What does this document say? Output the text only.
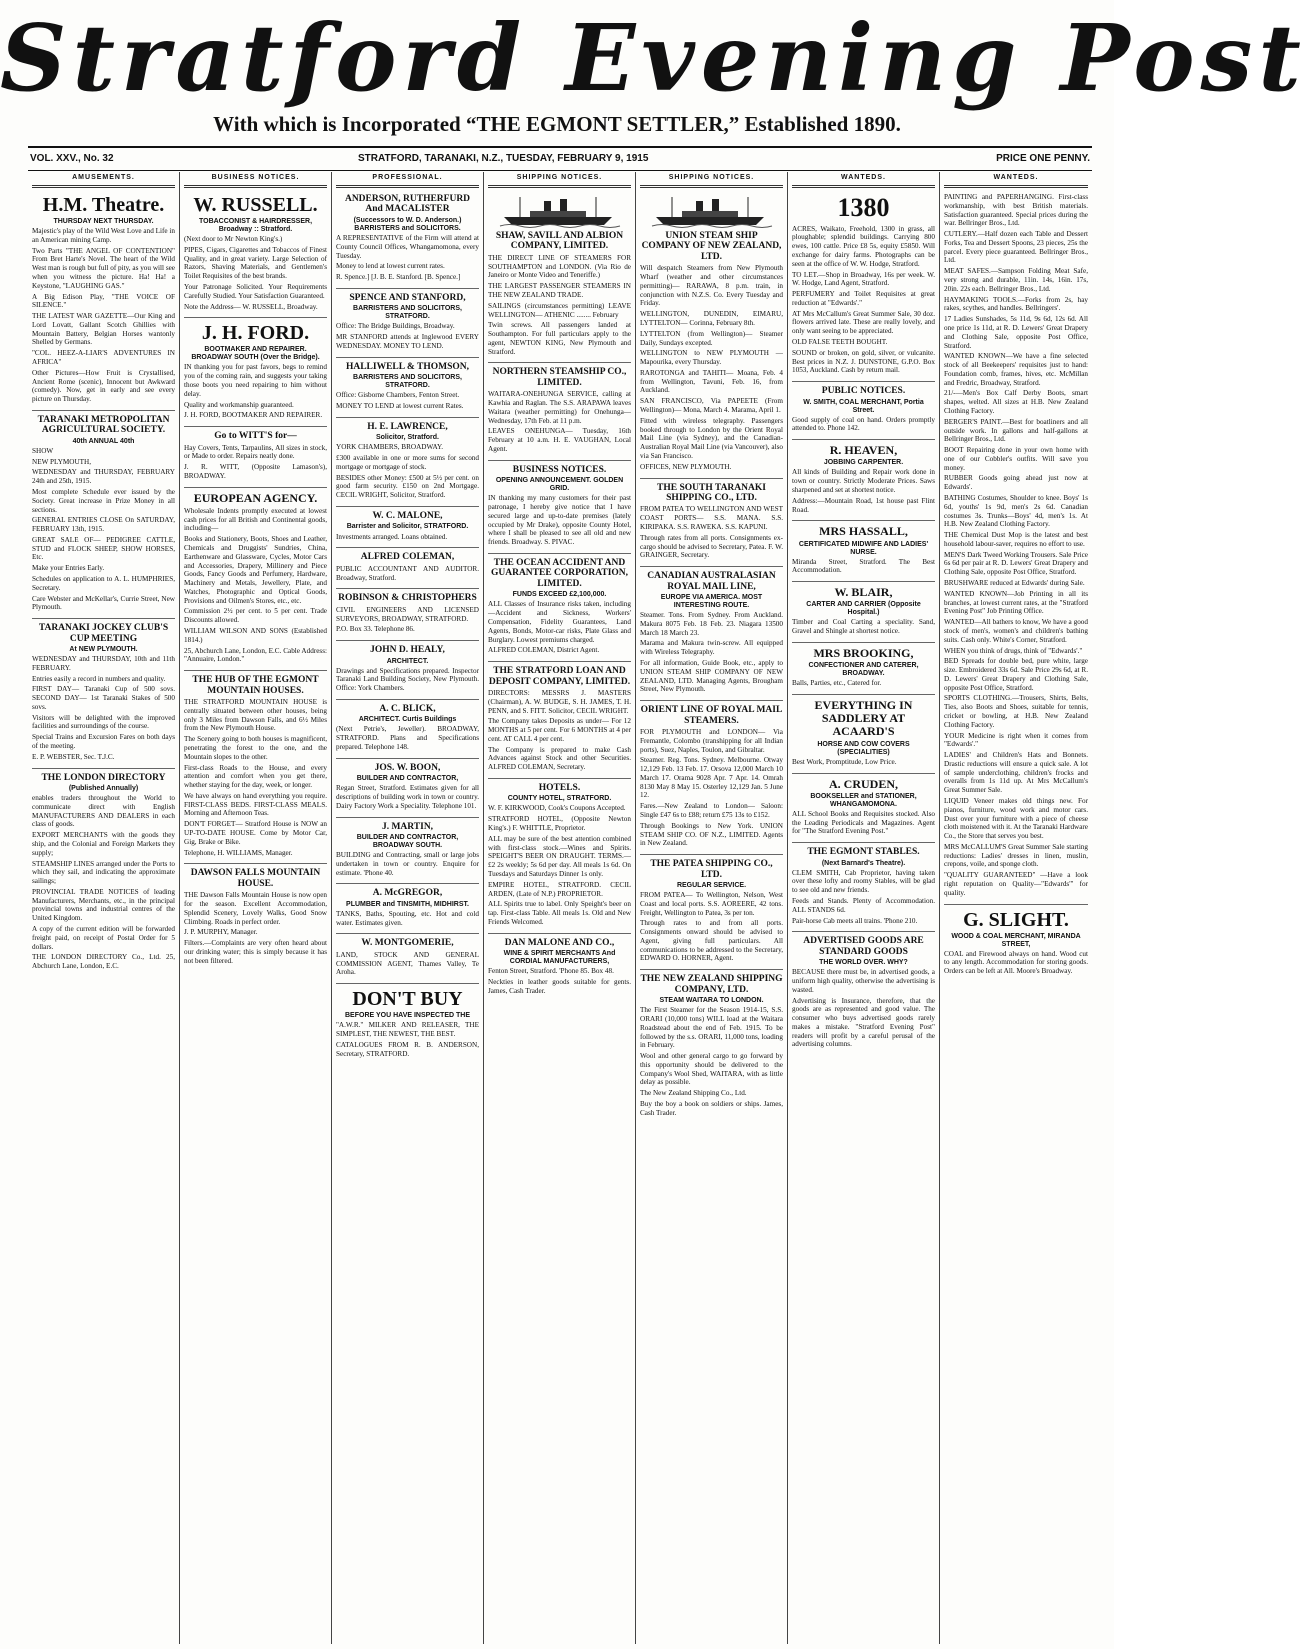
Stratford Evening Post
With which is Incorporated “THE EGMONT SETTLER,” Established 1890.
VOL. XXV., No. 32	STRATFORD, TARANAKI, N.Z., TUESDAY, FEBRUARY 9, 1915	PRICE ONE PENNY.
AMUSEMENTS.
H.M. Theatre.
THURSDAY NEXT THURSDAY.

Majestic's play of the Wild West Love and Life in an American mining Camp.

Two Parts "THE ANGEL OF CONTENTION" From Bret Harte's Novel. The heart of the Wild West man is rough but full of pity, as you will see when you witness the picture. Ha! Ha! a Keystone, "LAUGHING GAS."

A Big Edison Play, "THE VOICE OF SILENCE."

THE LATEST WAR GAZETTE—Our King and Lord Lovatt, Gallant Scotch Ghillies with Mountain Battery, Belgian Horses wantonly Shelled by Germans.

"COL. HEEZ-A-LIAR'S ADVENTURES IN AFRICA"

Other Pictures—How Fruit is Crystallised, Ancient Rome (scenic), Innocent but Awkward (comedy). Now, get in early and see every picture on Thursday.

TARANAKI METROPOLITAN AGRICULTURAL SOCIETY.
40th ANNUAL 40th

SHOW

NEW PLYMOUTH,

WEDNESDAY and THURSDAY, FEBRUARY 24th and 25th, 1915.

Most complete Schedule ever issued by the Society. Great increase in Prize Money in all sections.

GENERAL ENTRIES CLOSE On SATURDAY, FEBRUARY 13th, 1915.

GREAT SALE OF— PEDIGREE CATTLE, STUD and FLOCK SHEEP, SHOW HORSES, Etc.

Make your Entries Early.

Schedules on application to A. L. HUMPHRIES, Secretary.

Care Webster and McKellar's, Currie Street, New Plymouth.

TARANAKI JOCKEY CLUB'S CUP MEETING
At NEW PLYMOUTH.

WEDNESDAY and THURSDAY, 10th and 11th FEBRUARY.

Entries easily a record in numbers and quality.

FIRST DAY— Taranaki Cup of 500 sovs. SECOND DAY— 1st Taranaki Stakes of 500 sovs.

Visitors will be delighted with the improved facilities and surroundings of the course.

Special Trains and Excursion Fares on both days of the meeting.

E. P. WEBSTER, Sec. T.J.C.

THE LONDON DIRECTORY
(Published Annually)

enables traders throughout the World to communicate direct with English MANUFACTURERS AND DEALERS in each class of goods.

EXPORT MERCHANTS with the goods they ship, and the Colonial and Foreign Markets they supply;

STEAMSHIP LINES arranged under the Ports to which they sail, and indicating the approximate sailings;

PROVINCIAL TRADE NOTICES of leading Manufacturers, Merchants, etc., in the principal provincial towns and industrial centres of the United Kingdom.

A copy of the current edition will be forwarded freight paid, on receipt of Postal Order for 5 dollars.

THE LONDON DIRECTORY Co., Ltd. 25, Abchurch Lane, London, E.C.

BUSINESS NOTICES.
W. RUSSELL.
TOBACCONIST & HAIRDRESSER, Broadway :: Stratford.

(Next door to Mr Newton King's.)

PIPES, Cigars, Cigarettes and Tobaccos of Finest Quality, and in great variety. Large Selection of Razors, Shaving Materials, and Gentlemen's Toilet Requisites of the best brands.

Your Patronage Solicited. Your Requirements Carefully Studied. Your Satisfaction Guaranteed.

Note the Address— W. RUSSELL, Broadway.

J. H. FORD.
BOOTMAKER AND REPAIRER. BROADWAY SOUTH (Over the Bridge).

IN thanking you for past favors, begs to remind you of the coming rain, and suggests your taking those boots you need repairing to him without delay.

Quality and workmanship guaranteed.

J. H. FORD, BOOTMAKER AND REPAIRER.

Go to WITT'S for—

Hay Covers, Tents, Tarpaulins, All sizes in stock, or Made to order. Repairs neatly done.

J. R. WITT, (Opposite Lamason's), BROADWAY.

EUROPEAN AGENCY.

Wholesale Indents promptly executed at lowest cash prices for all British and Continental goods, including—

Books and Stationery, Boots, Shoes and Leather, Chemicals and Druggists' Sundries, China, Earthenware and Glassware, Cycles, Motor Cars and Accessories, Drapery, Millinery and Piece Goods, Fancy Goods and Perfumery, Hardware, Machinery and Metals, Jewellery, Plate, and Watches, Photographic and Optical Goods, Provisions and Oilmen's Stores, etc., etc.

Commission 2½ per cent. to 5 per cent. Trade Discounts allowed.

WILLIAM WILSON AND SONS (Established 1814.)

25, Abchurch Lane, London, E.C. Cable Address: "Annuaire, London."

THE HUB OF THE EGMONT MOUNTAIN HOUSES.

THE STRATFORD MOUNTAIN HOUSE is centrally situated between other houses, being only 3 Miles from Dawson Falls, and 6½ Miles from the New Plymouth House.

The Scenery going to both houses is magnificent, penetrating the forest to the one, and the Mountain slopes to the other.

First-class Roads to the House, and every attention and comfort when you get there, whether staying for the day, week, or longer.

We have always on hand everything you require. FIRST-CLASS BEDS. FIRST-CLASS MEALS. Morning and Afternoon Teas.

DON'T FORGET— Stratford House is NOW an UP-TO-DATE HOUSE. Come by Motor Car, Gig, Brake or Bike.

Telephone, H. WILLIAMS, Manager.

DAWSON FALLS MOUNTAIN HOUSE.

THE Dawson Falls Mountain House is now open for the season. Excellent Accommodation, Splendid Scenery, Lovely Walks, Good Snow Climbing. Roads in perfect order.

J. P. MURPHY, Manager.

Filters.—Complaints are very often heard about our drinking water; this is simply because it has not been filtered.

PROFESSIONAL.
ANDERSON, RUTHERFURD And MACALISTER
(Successors to W. D. Anderson.) BARRISTERS and SOLICITORS.

A REPRESENTATIVE of the Firm will attend at County Council Offices, Whangamomona, every Tuesday.

Money to lend at lowest current rates.

R. Spence.] [J. B. E. Stanford. [B. Spence.]

SPENCE AND STANFORD,
BARRISTERS AND SOLICITORS, STRATFORD.

Office: The Bridge Buildings, Broadway.

MR STANFORD attends at Inglewood EVERY WEDNESDAY. MONEY TO LEND.

HALLIWELL & THOMSON,
BARRISTERS AND SOLICITORS, STRATFORD.

Office: Gisborne Chambers, Fenton Street.

MONEY TO LEND at lowest current Rates.

H. E. LAWRENCE,
Solicitor, Stratford.

YORK CHAMBERS, BROADWAY.

£300 available in one or more sums for second mortgage or mortgage of stock.

BESIDES other Money: £500 at 5½ per cent. on good farm security. £150 on 2nd Mortgage. CECIL WRIGHT, Solicitor, Stratford.

W. C. MALONE,
Barrister and Solicitor, STRATFORD.

Investments arranged. Loans obtained.

ALFRED COLEMAN,

PUBLIC ACCOUNTANT AND AUDITOR. Broadway, Stratford.

ROBINSON & CHRISTOPHERS

CIVIL ENGINEERS AND LICENSED SURVEYORS, BROADWAY, STRATFORD.

P.O. Box 33. Telephone 86.

JOHN D. HEALY,
ARCHITECT.

Drawings and Specifications prepared. Inspector Taranaki Land Building Society, New Plymouth. Office: York Chambers.

A. C. BLICK,
ARCHITECT. Curtis Buildings

(Next Petrie's, Jeweller). BROADWAY, STRATFORD. Plans and Specifications prepared. Telephone 148.

JOS. W. BOON,
BUILDER AND CONTRACTOR,

Regan Street, Stratford. Estimates given for all descriptions of building work in town or country. Dairy Factory Work a Speciality. Telephone 101.

J. MARTIN,
BUILDER AND CONTRACTOR, BROADWAY SOUTH.

BUILDING and Contracting, small or large jobs undertaken in town or country. Enquire for estimate. 'Phone 40.

A. McGREGOR,
PLUMBER and TINSMITH, MIDHIRST.

TANKS, Baths, Spouting, etc. Hot and cold water. Estimates given.

W. MONTGOMERIE,

LAND, STOCK AND GENERAL COMMISSION AGENT, Thames Valley, Te Aroha.

DON'T BUY
BEFORE YOU HAVE INSPECTED THE

"A.W.R." MILKER AND RELEASER, THE SIMPLEST, THE NEWEST, THE BEST.

CATALOGUES FROM R. B. ANDERSON, Secretary, STRATFORD.

SHIPPING NOTICES.
SHAW, SAVILL AND ALBION COMPANY, LIMITED.

THE DIRECT LINE OF STEAMERS FOR SOUTHAMPTON and LONDON. (Via Rio de Janeiro or Monte Video and Teneriffe.)

THE LARGEST PASSENGER STEAMERS IN THE NEW ZEALAND TRADE.

SAILINGS (circumstances permitting) LEAVE WELLINGTON— ATHENIC ........ February

Twin screws. All passengers landed at Southampton. For full particulars apply to the agent, NEWTON KING, New Plymouth and Stratford.

NORTHERN STEAMSHIP CO., LIMITED.

WAITARA-ONEHUNGA SERVICE, calling at Kawhia and Raglan. The S.S. ARAPAWA leaves Waitara (weather permitting) for Onehunga— Wednesday, 17th Feb. at 11 p.m.

LEAVES ONEHUNGA— Tuesday, 16th February at 10 a.m. H. E. VAUGHAN, Local Agent.

BUSINESS NOTICES.
OPENING ANNOUNCEMENT. GOLDEN GRID.

IN thanking my many customers for their past patronage, I hereby give notice that I have secured large and up-to-date premises (lately occupied by Mr Drake), opposite County Hotel, where I shall be pleased to see all old and new friends. Broadway. S. PIVAC.

THE OCEAN ACCIDENT AND GUARANTEE CORPORATION, LIMITED.
FUNDS EXCEED £2,100,000.

ALL Classes of Insurance risks taken, including—Accident and Sickness, Workers' Compensation, Fidelity Guarantees, Land Agents, Bonds, Motor-car risks, Plate Glass and Burglary. Lowest premiums charged.

ALFRED COLEMAN, District Agent.

THE STRATFORD LOAN AND DEPOSIT COMPANY, LIMITED.

DIRECTORS: MESSRS J. MASTERS (Chairman), A. W. BUDGE, S. H. JAMES, T. H. PENN, and S. FITT. Solicitor, CECIL WRIGHT.

The Company takes Deposits as under— For 12 MONTHS at 5 per cent. For 6 MONTHS at 4 per cent. AT CALL 4 per cent.

The Company is prepared to make Cash Advances against Stock and other Securities. ALFRED COLEMAN, Secretary.

HOTELS.
COUNTY HOTEL, STRATFORD.

W. F. KIRKWOOD, Cook's Coupons Accepted.

STRATFORD HOTEL, (Opposite Newton King's.) F. WHITTLE, Proprietor.

ALL may be sure of the best attention combined with first-class stock.—Wines and Spirits. SPEIGHT'S BEER ON DRAUGHT. TERMS.—£2 2s weekly; 5s 6d per day. All meals 1s 6d. On Tuesdays and Saturdays Dinner 1s only.

EMPIRE HOTEL, STRATFORD. CECIL ARDEN, (Late of N.P.) PROPRIETOR.

ALL Spirits true to label. Only Speight's beer on tap. First-class Table. All meals 1s. Old and New Friends Welcomed.

DAN MALONE AND CO.,
WINE & SPIRIT MERCHANTS And CORDIAL MANUFACTURERS,

Fenton Street, Stratford. 'Phone 85. Box 48.

Neckties in leather goods suitable for gents. James, Cash Trader.

SHIPPING NOTICES.
UNION STEAM SHIP COMPANY OF NEW ZEALAND, LTD.

Will despatch Steamers from New Plymouth Wharf (weather and other circumstances permitting)— RARAWA, 8 p.m. train, in conjunction with N.Z.S. Co. Every Tuesday and Friday.

WELLINGTON, DUNEDIN, EIMARU, LYTTELTON— Corinna, February 8th.

LYTTELTON (from Wellington)— Steamer Daily, Sundays excepted.

WELLINGTON to NEW PLYMOUTH —Mapourika, every Thursday.

RAROTONGA and TAHITI— Moana, Feb. 4 from Wellington, Tavuni, Feb. 16, from Auckland.

SAN FRANCISCO, Via PAPEETE (From Wellington)— Mona, March 4. Marama, April 1.

Fitted with wireless telegraphy. Passengers booked through to London by the Orient Royal Mail Line (via Sydney), and the Canadian-Australian Royal Mail Line (via Vancouver), also via San Francisco.

OFFICES, NEW PLYMOUTH.

THE SOUTH TARANAKI SHIPPING CO., LTD.

FROM PATEA TO WELLINGTON AND WEST COAST PORTS— S.S. MANA. S.S. KIRIPAKA. S.S. RAWEKA. S.S. KAPUNI.

Through rates from all ports. Consignments ex-cargo should be advised to Secretary, Patea. F. W. GRAINGER, Secretary.

CANADIAN AUSTRALASIAN ROYAL MAIL LINE,
EUROPE VIA AMERICA. MOST INTERESTING ROUTE.

Steamer. Tons. From Sydney. From Auckland. Makura 8075 Feb. 18 Feb. 23. Niagara 13500 March 18 March 23.

Marama and Makura twin-screw. All equipped with Wireless Telegraphy.

For all information, Guide Book, etc., apply to UNION STEAM SHIP COMPANY OF NEW ZEALAND, LTD. Managing Agents, Brougham Street, New Plymouth.

ORIENT LINE OF ROYAL MAIL STEAMERS.

FOR PLYMOUTH and LONDON— Via Fremantle, Colombo (transhipping for all Indian ports), Suez, Naples, Toulon, and Gibraltar.

Steamer. Reg. Tons. Sydney. Melbourne. Otway 12,129 Feb. 13 Feb. 17. Orsova 12,000 March 10 March 17. Orama 9028 Apr. 7 Apr. 14. Omrah 8130 May 8 May 15. Osterley 12,129 Jan. 5 June 12.

Fares.—New Zealand to London— Saloon: Single £47 6s to £88; return £75 13s to £152.

Through Bookings to New York. UNION STEAM SHIP CO. OF N.Z., LIMITED. Agents in New Zealand.

THE PATEA SHIPPING CO., LTD.
REGULAR SERVICE.

FROM PATEA— To Wellington, Nelson, West Coast and local ports. S.S. AOREERE, 42 tons. Freight, Wellington to Patea, 3s per ton.

Through rates to and from all ports. Consignments onward should be advised to Agent, giving full particulars. All communications to be addressed to the Secretary, EDWARD O. HORNER, Agent.

THE NEW ZEALAND SHIPPING COMPANY, LTD.
STEAM WAITARA TO LONDON.

The First Steamer for the Season 1914-15, S.S. ORARI (10,000 tons) WILL load at the Waitara Roadstead about the end of Feb. 1915. To be followed by the s.s. ORARI, 11,000 tons, loading in February.

Wool and other general cargo to go forward by this opportunity should be delivered to the Company's Wool Shed, WAITARA, with as little delay as possible.

The New Zealand Shipping Co., Ltd.

Buy the boy a book on soldiers or ships. James, Cash Trader.

WANTEDS.
1380

ACRES, Waikato, Freehold, 1300 in grass, all ploughable; splendid buildings. Carrying 800 ewes, 100 cattle. Price £8 5s, equity £5850. Will exchange for dairy farms. Photographs can be seen at the office of W. W. Hodge, Stratford.

TO LET.—Shop in Broadway, 16s per week. W. W. Hodge, Land Agent, Stratford.

PERFUMERY and Toilet Requisites at great reduction at "Edwards'."

AT Mrs McCallum's Great Summer Sale, 30 doz. flowers arrived late. These are really lovely, and only want seeing to be appreciated.

OLD FALSE TEETH BOUGHT.

SOUND or broken, on gold, silver, or vulcanite. Best prices in N.Z. J. DUNSTONE, G.P.O. Box 1053, Auckland. Cash by return mail.

PUBLIC NOTICES.
W. SMITH, COAL MERCHANT, Portia Street.

Good supply of coal on hand. Orders promptly attended to. Phone 142.

R. HEAVEN,
JOBBING CARPENTER.

All kinds of Building and Repair work done in town or country. Strictly Moderate Prices. Saws sharpened and set at shortest notice.

Address:—Mountain Road, 1st house past Flint Road.

MRS HASSALL,
CERTIFICATED MIDWIFE AND LADIES' NURSE.

Miranda Street, Stratford. The Best Accommodation.

W. BLAIR,
CARTER AND CARRIER (Opposite Hospital.)

Timber and Coal Carting a speciality. Sand, Gravel and Shingle at shortest notice.

MRS BROOKING,
CONFECTIONER AND CATERER, BROADWAY.

Balls, Parties, etc., Catered for.

EVERYTHING IN SADDLERY AT ACAARD'S
HORSE AND COW COVERS (SPECIALITIES)

Best Work, Promptitude, Low Price.

A. CRUDEN,
BOOKSELLER and STATIONER, WHANGAMOMONA.

ALL School Books and Requisites stocked. Also the Leading Periodicals and Magazines. Agent for "The Stratford Evening Post."

THE EGMONT STABLES.
(Next Barnard's Theatre).

CLEM SMITH, Cab Proprietor, having taken over these lofty and roomy Stables, will be glad to see old and new friends.

Feeds and Stands. Plenty of Accommodation. ALL STANDS 6d.

Pair-horse Cab meets all trains. 'Phone 210.

ADVERTISED GOODS ARE STANDARD GOODS
THE WORLD OVER. WHY?

BECAUSE there must be, in advertised goods, a uniform high quality, otherwise the advertising is wasted.

Advertising is Insurance, therefore, that the goods are as represented and good value. The consumer who buys advertised goods rarely makes a mistake. "Stratford Evening Post" readers will profit by a careful perusal of the advertising columns.

WANTEDS.

PAINTING and PAPERHANGING. First-class workmanship, with best British materials. Satisfaction guaranteed. Special prices during the war. Bellringer Bros., Ltd.

CUTLERY.—Half dozen each Table and Dessert Forks, Tea and Dessert Spoons, 23 pieces, 25s the parcel. Every piece guaranteed. Bellringer Bros., Ltd.

MEAT SAFES.—Sampson Folding Meat Safe, very strong and durable, 11in. 14s, 16in. 17s, 20in. 22s each. Bellringer Bros., Ltd.

HAYMAKING TOOLS.—Forks from 2s, hay rakes, scythes, and handles. Bellringers'.

17 Ladies Sunshades, 5s 11d, 9s 6d, 12s 6d. All one price 1s 11d, at R. D. Lewers' Great Drapery and Clothing Sale, opposite Post Office, Stratford.

WANTED KNOWN—We have a fine selected stock of all Beekeepers' requisites just to hand: Foundation comb, frames, hives, etc. McMillan and Fredric, Broadway, Stratford.

21/-—Men's Box Calf Derby Boots, smart shapes, welted. All sizes at H.B. New Zealand Clothing Factory.

BERGER'S PAINT.—Best for boatliners and all outside work. In gallons and half-gallons at Bellringer Bros., Ltd.

BOOT Repairing done in your own home with one of our Cobbler's outfits. Will save you money.

RUBBER Goods going ahead just now at Edwards'.

BATHING Costumes, Shoulder to knee. Boys' 1s 6d, youths' 1s 9d, men's 2s 6d. Canadian costumes 3s. Trunks—Boys' 4d, men's 1s. At H.B. New Zealand Clothing Factory.

THE Chemical Dust Mop is the latest and best household labour-saver, requires no effort to use.

MEN'S Dark Tweed Working Trousers. Sale Price 6s 6d per pair at R. D. Lewers' Great Drapery and Clothing Sale, opposite Post Office, Stratford.

BRUSHWARE reduced at Edwards' during Sale.

WANTED KNOWN—Job Printing in all its branches, at lowest current rates, at the "Stratford Evening Post" Job Printing Office.

WANTED—All bathers to know, We have a good stock of men's, women's and children's bathing suits. Cash only. White's Corner, Stratford.

WHEN you think of drugs, think of "Edwards'."

BED Spreads for double bed, pure white, large size. Embroidered 33s 6d. Sale Price 29s 6d, at R. D. Lewers' Great Drapery and Clothing Sale, opposite Post Office, Stratford.

SPORTS CLOTHING.—Trousers, Shirts, Belts, Ties, also Boots and Shoes, suitable for tennis, cricket or bowling, at H.B. New Zealand Clothing Factory.

YOUR Medicine is right when it comes from "Edwards'."

LADIES' and Children's Hats and Bonnets. Drastic reductions will ensure a quick sale. A lot of sample underclothing, children's frocks and overalls from 1s 11d up. At Mrs McCallum's Great Summer Sale.

LIQUID Veneer makes old things new. For pianos, furniture, wood work and motor cars. Dust over your furniture with a piece of cheese cloth moistened with it. At the Taranaki Hardware Co., the Store that serves you best.

MRS McCALLUM'S Great Summer Sale starting reductions: Ladies' dresses in linen, muslin, crepons, voile, and sponge cloth.

"QUALITY GUARANTEED" —Have a look right reputation on Quality—"Edwards'" for quality.

G. SLIGHT.
WOOD & COAL MERCHANT, MIRANDA STREET,

COAL and Firewood always on hand. Wood cut to any length. Accommodation for storing goods. Orders can be left at All. Moore's Broadway.
